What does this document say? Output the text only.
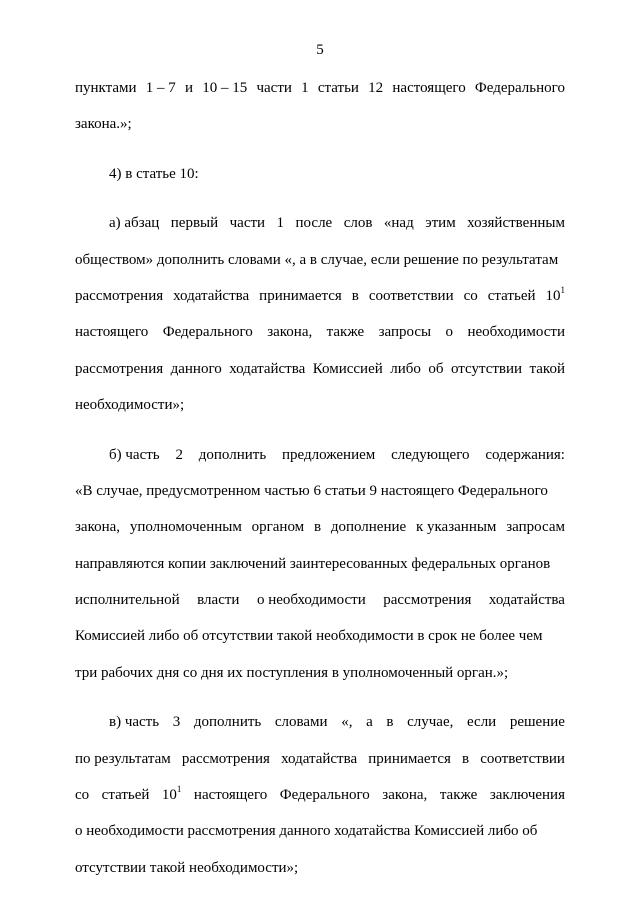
5
пунктами 1 – 7 и 10 – 15 части 1 статьи 12 настоящего Федерального
закона.»;
4) в статье 10:
а) абзац первый части 1 после слов «над этим хозяйственным
обществом» дополнить словами «, а в случае, если решение по результатам
рассмотрения ходатайства принимается в соответствии со статьей $10^1$
настоящего Федерального закона, также запросы о необходимости
рассмотрения данного ходатайства Комиссией либо об отсутствии такой
необходимости»;
б) часть 2 дополнить предложением следующего содержания:
«В случае, предусмотренном частью 6 статьи 9 настоящего Федерального
закона, уполномоченным органом в дополнение к указанным запросам
направляются копии заключений заинтересованных федеральных органов
исполнительной власти о необходимости рассмотрения ходатайства
Комиссией либо об отсутствии такой необходимости в срок не более чем
три рабочих дня со дня их поступления в уполномоченный орган.»;
в) часть 3 дополнить словами «, а в случае, если решение
по результатам рассмотрения ходатайства принимается в соответствии
со статьей $10^1$ настоящего Федерального закона, также заключения
о необходимости рассмотрения данного ходатайства Комиссией либо об
отсутствии такой необходимости»;
